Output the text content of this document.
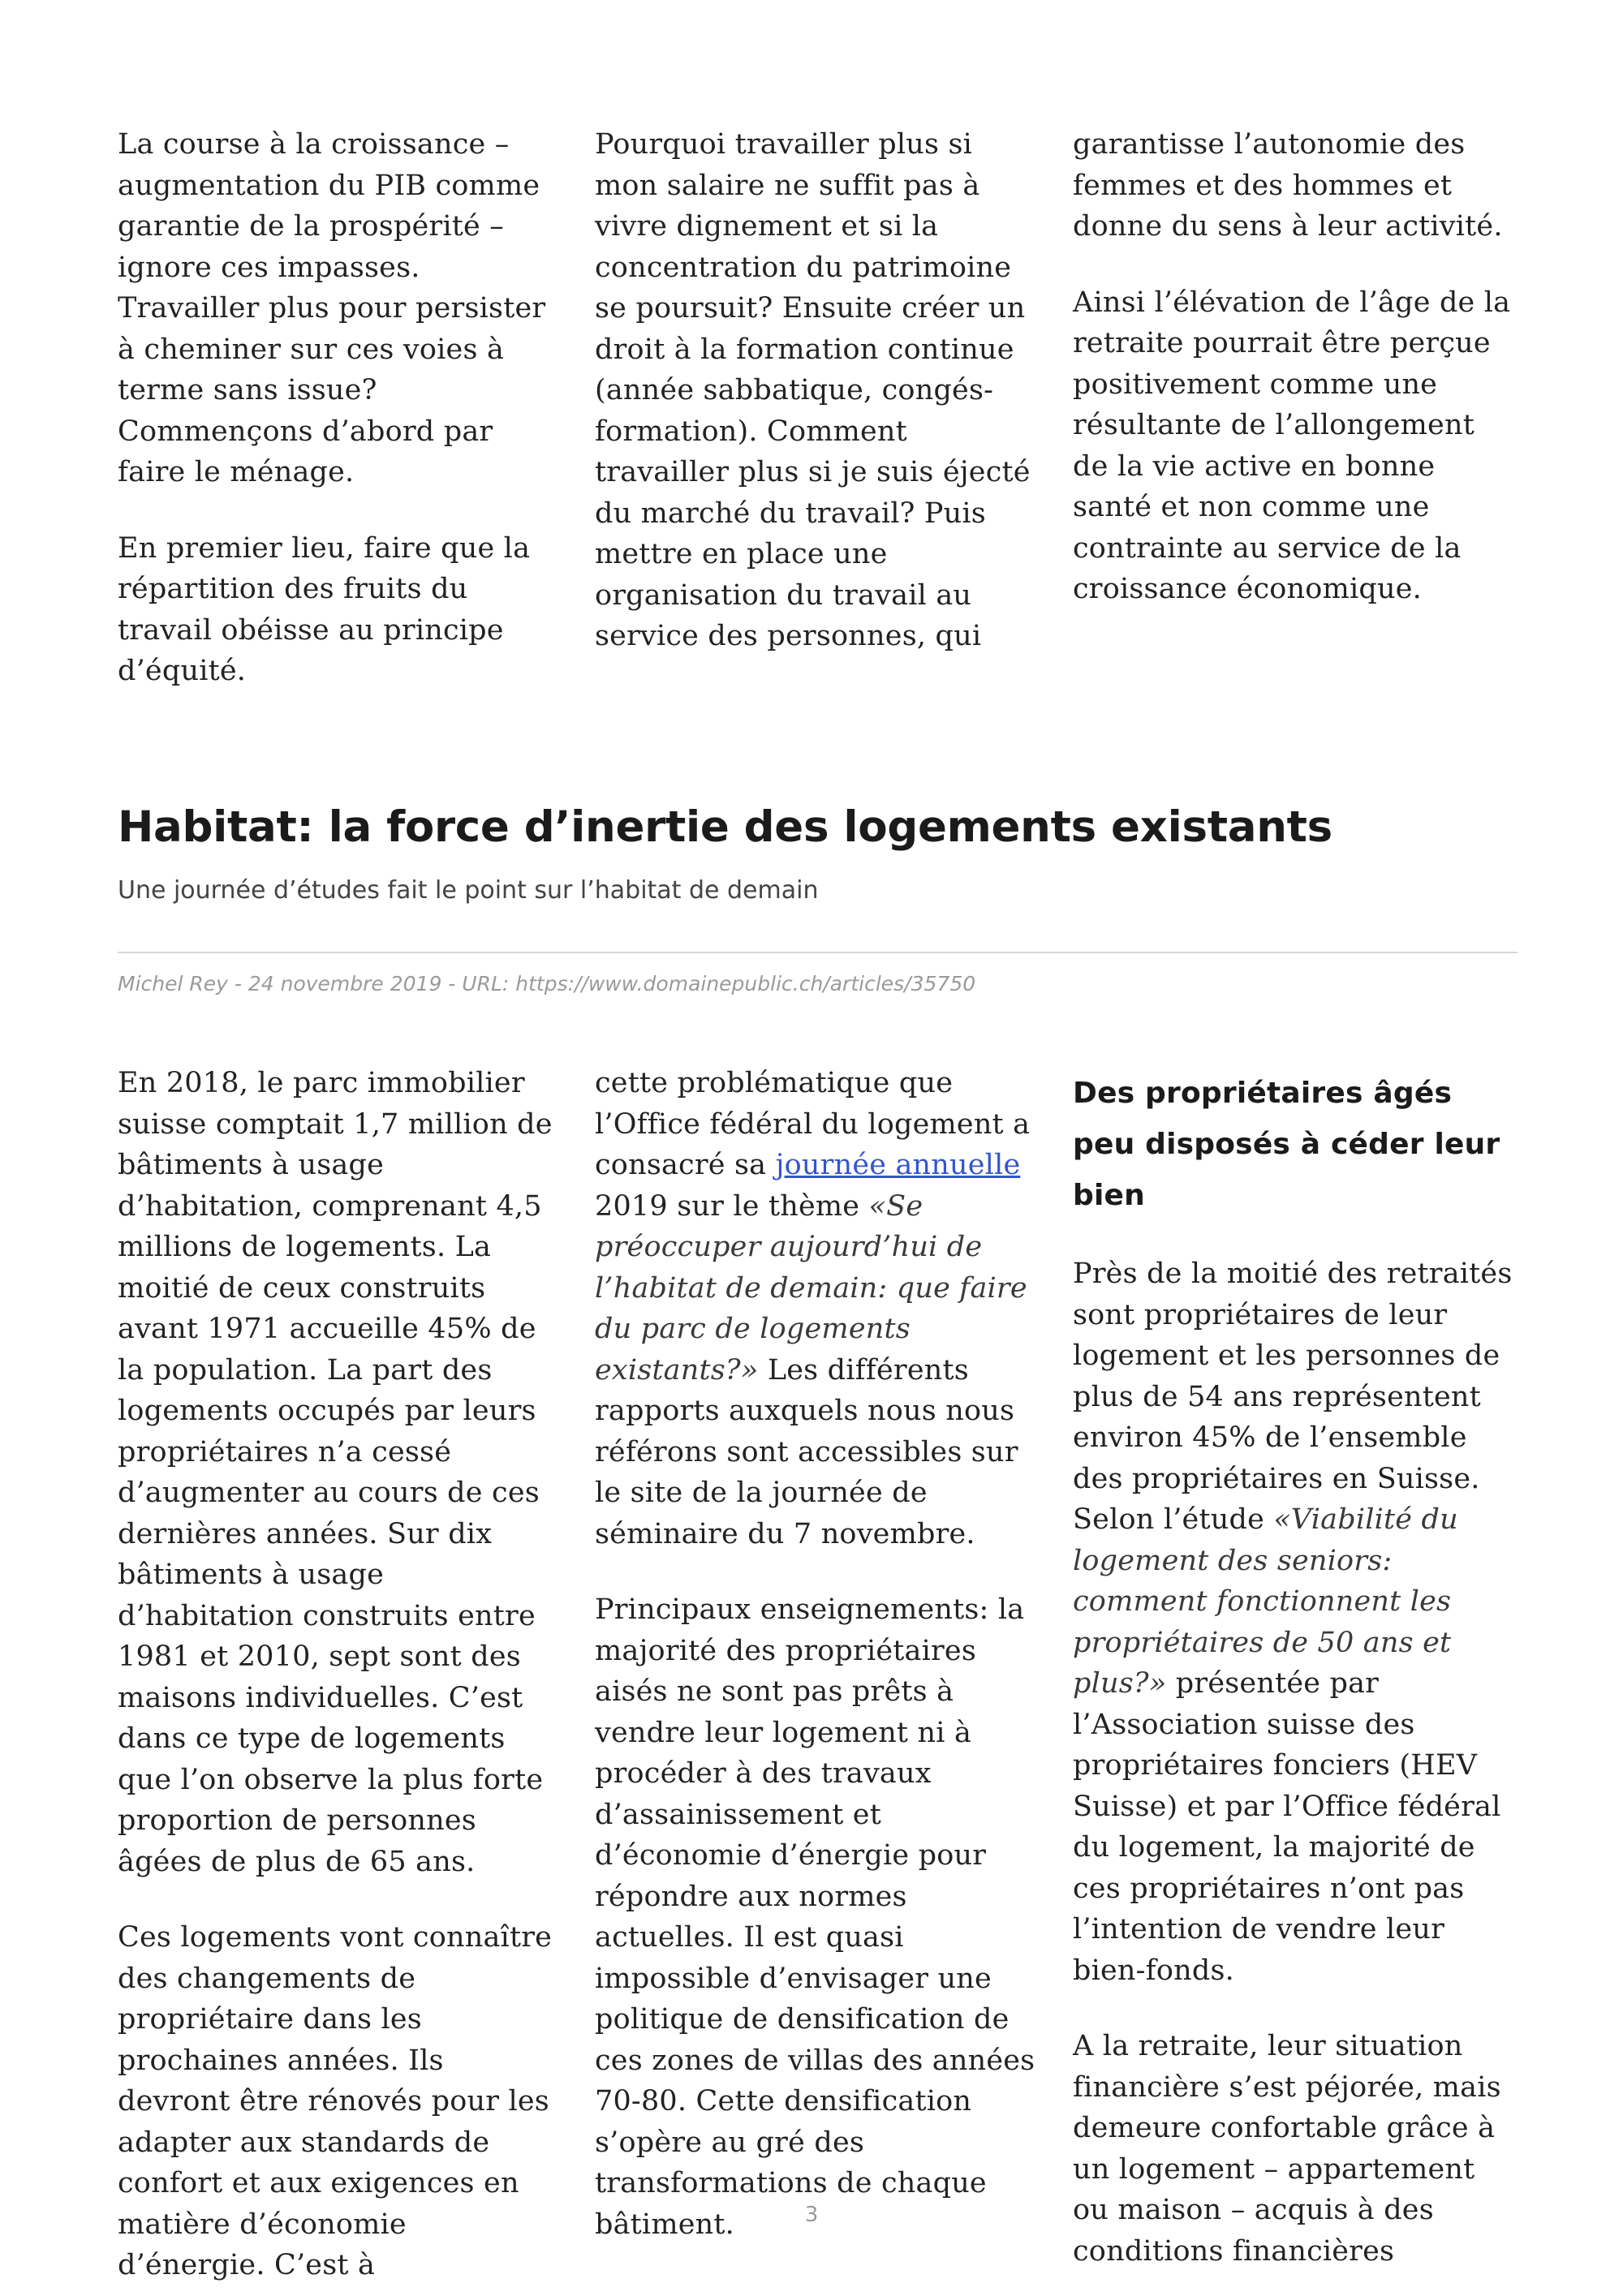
La course à la croissance – augmentation du PIB comme garantie de la prospérité – ignore ces impasses. Travailler plus pour persister à cheminer sur ces voies à terme sans issue? Commençons d’abord par faire le ménage.

En premier lieu, faire que la répartition des fruits du travail obéisse au principe d’équité.

Pourquoi travailler plus si mon salaire ne suffit pas à vivre dignement et si la concentration du patrimoine se poursuit? Ensuite créer un droit à la formation continue (année sabbatique, congés-formation). Comment travailler plus si je suis éjecté du marché du travail? Puis mettre en place une organisation du travail au service des personnes, qui

garantisse l’autonomie des femmes et des hommes et donne du sens à leur activité.

Ainsi l’élévation de l’âge de la retraite pourrait être perçue positivement comme une résultante de l’allongement de la vie active en bonne santé et non comme une contrainte au service de la croissance économique.

Habitat: la force d’inertie des logements existants

Une journée d’études fait le point sur l’habitat de demain

Michel Rey - 24 novembre 2019 - URL: https://www.domainepublic.ch/articles/35750

En 2018, le parc immobilier suisse comptait 1,7 million de bâtiments à usage d’habitation, comprenant 4,5 millions de logements. La moitié de ceux construits avant 1971 accueille 45% de la population. La part des logements occupés par leurs propriétaires n’a cessé d’augmenter au cours de ces dernières années. Sur dix bâtiments à usage d’habitation construits entre 1981 et 2010, sept sont des maisons individuelles. C’est dans ce type de logements que l’on observe la plus forte proportion de personnes âgées de plus de 65 ans.

Ces logements vont connaître des changements de propriétaire dans les prochaines années. Ils devront être rénovés pour les adapter aux standards de confort et aux exigences en matière d’économie d’énergie. C’est à

cette problématique que l’Office fédéral du logement a consacré sa journée annuelle 2019 sur le thème «Se préoccuper aujourd’hui de l’habitat de demain: que faire du parc de logements existants?» Les différents rapports auxquels nous nous référons sont accessibles sur le site de la journée de séminaire du 7 novembre.

Principaux enseignements: la majorité des propriétaires aisés ne sont pas prêts à vendre leur logement ni à procéder à des travaux d’assainissement et d’économie d’énergie pour répondre aux normes actuelles. Il est quasi impossible d’envisager une politique de densification de ces zones de villas des années 70-80. Cette densification s’opère au gré des transformations de chaque bâtiment.

Des propriétaires âgés peu disposés à céder leur bien

Près de la moitié des retraités sont propriétaires de leur logement et les personnes de plus de 54 ans représentent environ 45% de l’ensemble des propriétaires en Suisse. Selon l’étude «Viabilité du logement des seniors: comment fonctionnent les propriétaires de 50 ans et plus?» présentée par l’Association suisse des propriétaires fonciers (HEV Suisse) et par l’Office fédéral du logement, la majorité de ces propriétaires n’ont pas l’intention de vendre leur bien-fonds.

A la retraite, leur situation financière s’est péjorée, mais demeure confortable grâce à un logement – appartement ou maison – acquis à des conditions financières

3
